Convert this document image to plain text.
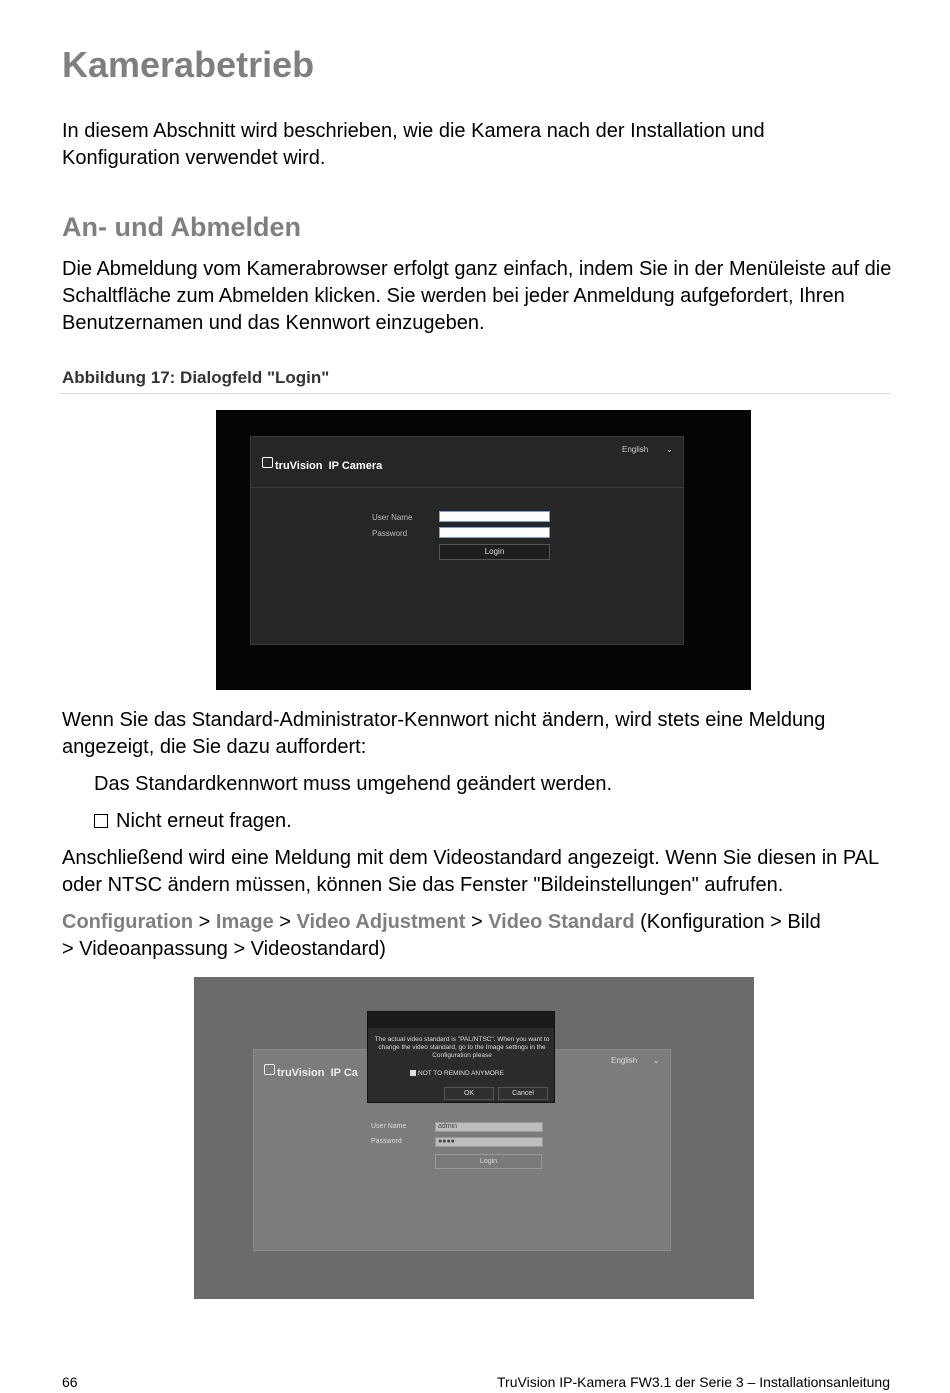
Kamerabetrieb

In diesem Abschnitt wird beschrieben, wie die Kamera nach der Installation und Konfiguration verwendet wird.

An- und Abmelden

Die Abmeldung vom Kamerabrowser erfolgt ganz einfach, indem Sie in der Menüleiste auf die Schaltfläche zum Abmelden klicken. Sie werden bei jeder Anmeldung aufgefordert, Ihren Benutzernamen und das Kennwort einzugeben.

Abbildung 17: Dialogfeld "Login"
truVision IP Camera
English ⌄
User Name
Password
Login

Wenn Sie das Standard-Administrator-Kennwort nicht ändern, wird stets eine Meldung angezeigt, die Sie dazu auffordert:

Das Standardkennwort muss umgehend geändert werden.

Nicht erneut fragen.

Anschließend wird eine Meldung mit dem Videostandard angezeigt. Wenn Sie diesen in PAL oder NTSC ändern müssen, können Sie das Fenster "Bildeinstellungen" aufrufen.

Configuration > Image > Video Adjustment > Video Standard (Konfiguration > Bild
> Videoanpassung > Videostandard)

truVision IP Ca
English ⌄
User Name	admin
Password	●●●●
Login
The actual video standard is "PAL/NTSC". When you want to change the video standard, go to the Image settings in the Configuration please
NOT TO REMIND ANYMORE
OK	Cancel
66	TruVision IP-Kamera FW3.1 der Serie 3 – Installationsanleitung
